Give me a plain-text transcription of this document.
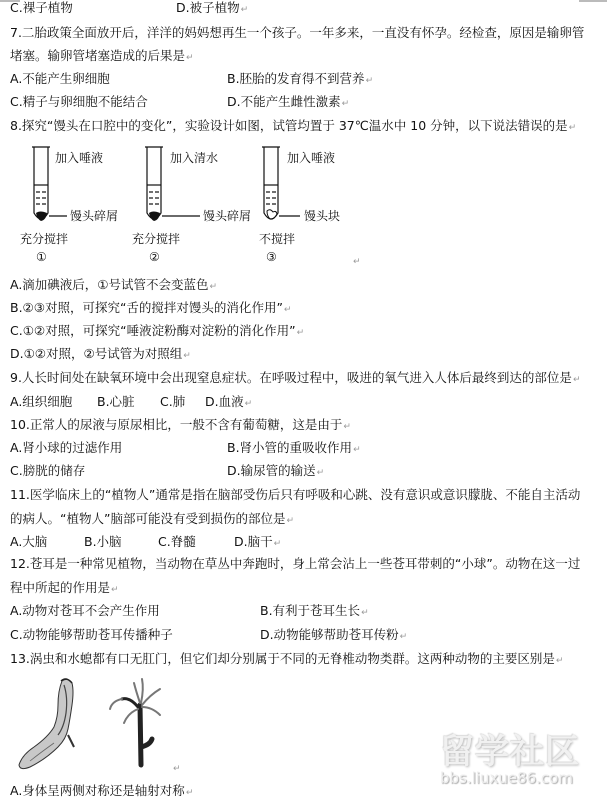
C.裸子植物	D.被子植物↵
7.二胎政策全面放开后，洋洋的妈妈想再生一个孩子。一年多来，一直没有怀孕。经检查，原因是输卵管
堵塞。输卵管堵塞造成的后果是↵
A.不能产生卵细胞	B.胚胎的发育得不到营养↵
C.精子与卵细胞不能结合	D.不能产生雌性激素↵
8.探究“馒头在口腔中的变化”，实验设计如图，试管均置于 37℃温水中 10 分钟，以下说法错误的是↵
加入唾液
馒头碎屑
充分搅拌
①
加入清水
馒头碎屑
充分搅拌
②
加入唾液
馒头块
不搅拌
③	↵
A.滴加碘液后，①号试管不会变蓝色↵
B.②③对照，可探究“舌的搅拌对馒头的消化作用”↵
C.①②对照，可探究“唾液淀粉酶对淀粉的消化作用”↵
D.①②对照，②号试管为对照组↵
9.人长时间处在缺氧环境中会出现窒息症状。在呼吸过程中，吸进的氧气进入人体后最终到达的部位是↵
A.组织细胞 B.心脏 C.肺 D.血液↵
10.正常人的尿液与原尿相比，一般不含有葡萄糖，这是由于↵
A.肾小球的过滤作用	B.肾小管的重吸收作用↵
C.膀胱的储存	D.输尿管的输送↵
11.医学临床上的“植物人”通常是指在脑部受伤后只有呼吸和心跳、没有意识或意识朦胧、不能自主活动
的病人。“植物人”脑部可能没有受到损伤的部位是↵
A.大脑	B.小脑	C.脊髓	D.脑干↵
12.苍耳是一种常见植物，当动物在草丛中奔跑时，身上常会沾上一些苍耳带刺的“小球”。动物在这一过
程中所起的作用是↵
A.动物对苍耳不会产生作用	B.有利于苍耳生长↵
C.动物能够帮助苍耳传播种子	D.动物能够帮助苍耳传粉↵
13.涡虫和水螅都有口无肛门，但它们却分别属于不同的无脊椎动物类群。这两种动物的主要区别是↵
↵
A.身体呈两侧对称还是轴射对称↵
留学社区
bbs.liuxue86.com
